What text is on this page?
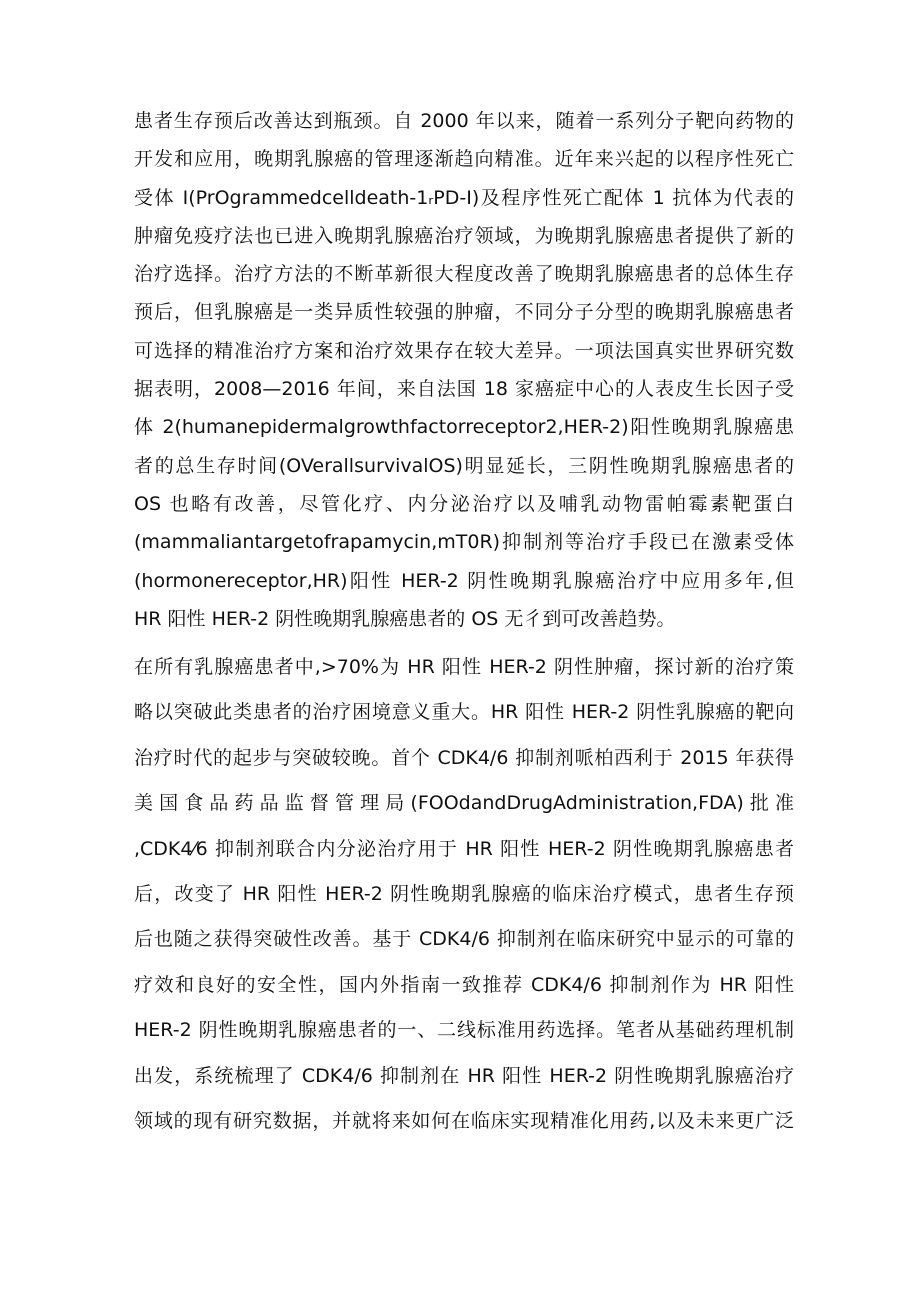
患者生存预后改善达到瓶颈。自 2000 年以来，随着一系列分子靶向药物的
开发和应用，晚期乳腺癌的管理逐渐趋向精准。近年来兴起的以程序性死亡
受体 I(PrOgrammedcelldeath-1ᵣPD-I)及程序性死亡配体 1 抗体为代表的
肿瘤免疫疗法也已进入晚期乳腺癌治疗领域，为晚期乳腺癌患者提供了新的
治疗选择。治疗方法的不断革新很大程度改善了晚期乳腺癌患者的总体生存
预后，但乳腺癌是一类异质性较强的肿瘤，不同分子分型的晚期乳腺癌患者
可选择的精准治疗方案和治疗效果存在较大差异。一项法国真实世界研究数
据表明，2008—2016 年间，来自法国 18 家癌症中心的人表皮生长因子受
体 2(humanepidermalgrowthfactorreceptor2,HER-2)阳性晚期乳腺癌患
者的总生存时间(OVerallsurvivalOS)明显延长，三阴性晚期乳腺癌患者的
OS 也略有改善，尽管化疗、内分泌治疗以及哺乳动物雷帕霉素靶蛋白
(mammaliantargetofrapamycin,mT0R)抑制剂等治疗手段已在激素受体
(hormonereceptor,HR)阳性 HER-2 阴性晚期乳腺癌治疗中应用多年,但
HR 阳性 HER-2 阴性晚期乳腺癌患者的 OS 无彳到可改善趋势。
在所有乳腺癌患者中,>70%为 HR 阳性 HER-2 阴性肿瘤，探讨新的治疗策
略以突破此类患者的治疗困境意义重大。HR 阳性 HER-2 阴性乳腺癌的靶向
治疗时代的起步与突破较晚。首个 CDK4/6 抑制剂哌柏西利于 2015 年获得
美国食品药品监督管理局(FOOdandDrugAdministration,FDA)批准
,CDK4⁄6 抑制剂联合内分泌治疗用于 HR 阳性 HER-2 阴性晚期乳腺癌患者
后，改变了 HR 阳性 HER-2 阴性晚期乳腺癌的临床治疗模式，患者生存预
后也随之获得突破性改善。基于 CDK4/6 抑制剂在临床研究中显示的可靠的
疗效和良好的安全性，国内外指南一致推荐 CDK4/6 抑制剂作为 HR 阳性
HER-2 阴性晚期乳腺癌患者的一、二线标准用药选择。笔者从基础药理机制
出发，系统梳理了 CDK4/6 抑制剂在 HR 阳性 HER-2 阴性晚期乳腺癌治疗
领域的现有研究数据，并就将来如何在临床实现精准化用药,以及未来更广泛
